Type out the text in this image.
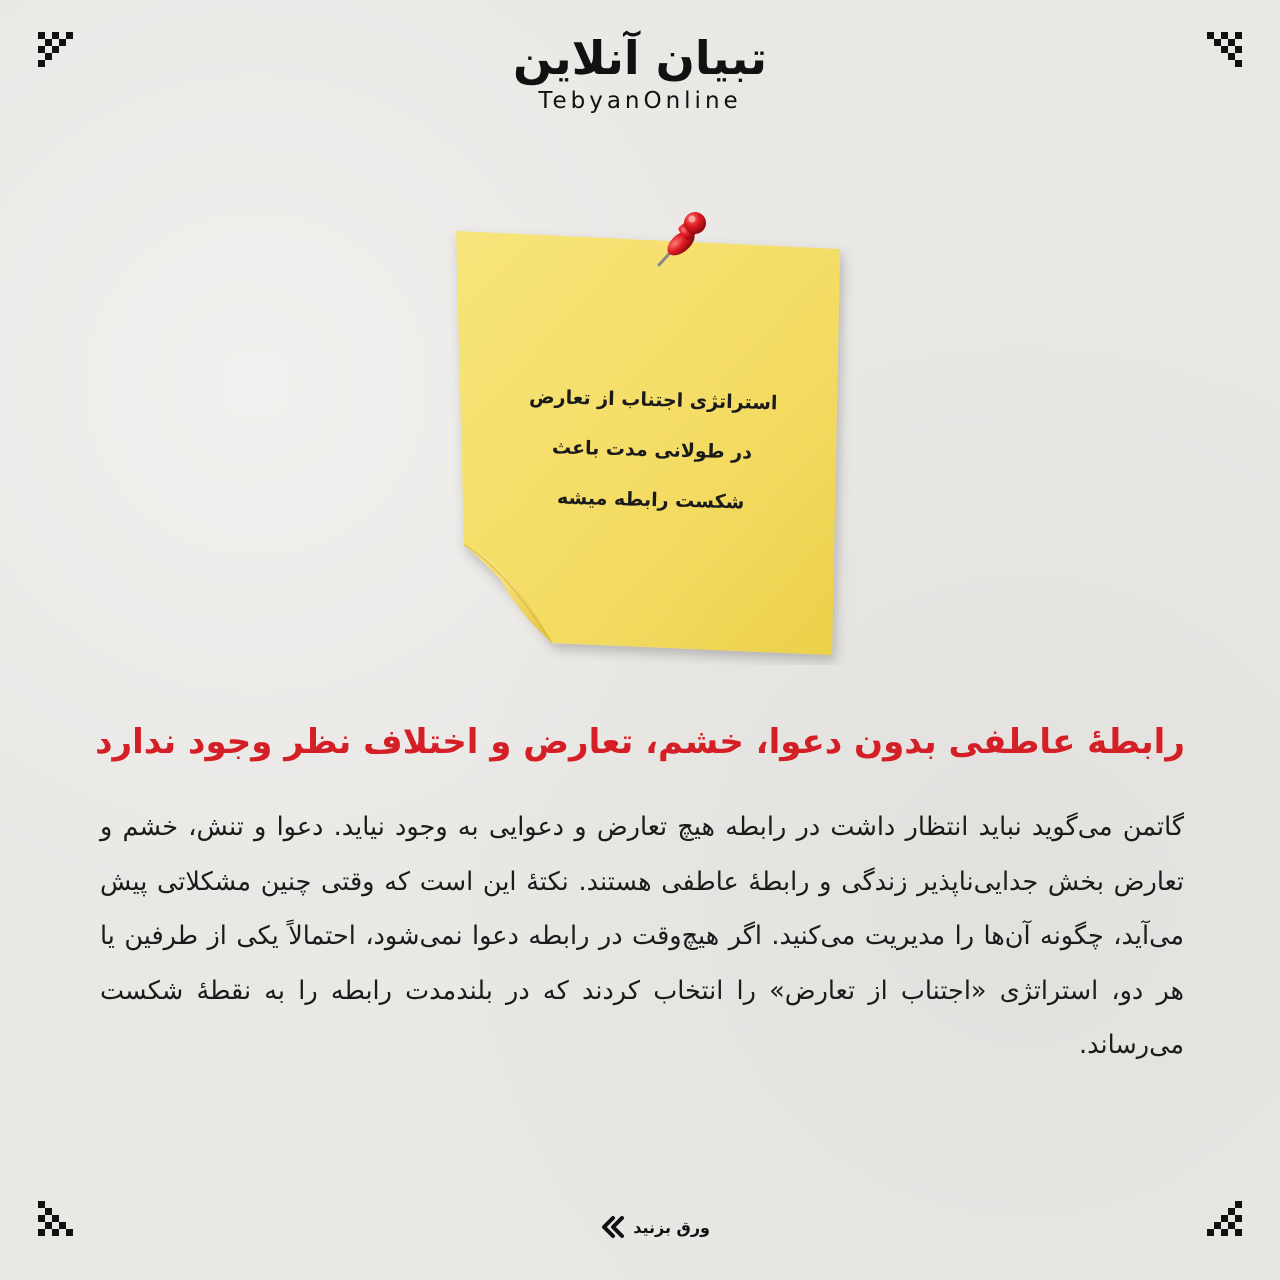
تبیان آنلاین
TebyanOnline
استراتژی اجتناب از تعارض
در طولانی مدت باعث
شکست رابطه میشه
رابطهٔ عاطفی بدون دعوا، خشم، تعارض و اختلاف نظر وجود ندارد
گاتمن می‌گوید نباید انتظار داشت در رابطه هیچ تعارض و دعوایی به وجود نیاید. دعوا و تنش، خشم و تعارض بخش جدایی‌ناپذیر زندگی و رابطهٔ عاطفی هستند. نکتهٔ این است که وقتی چنین مشکلاتی پیش می‌آید، چگونه آن‌ها را مدیریت می‌کنید. اگر هیچ‌وقت در رابطه دعوا نمی‌شود، احتمالاً یکی از طرفین یا هر دو، استراتژی «اجتناب از تعارض» را انتخاب کردند که در بلندمدت رابطه را به نقطهٔ شکست می‌رساند.
ورق بزنید
